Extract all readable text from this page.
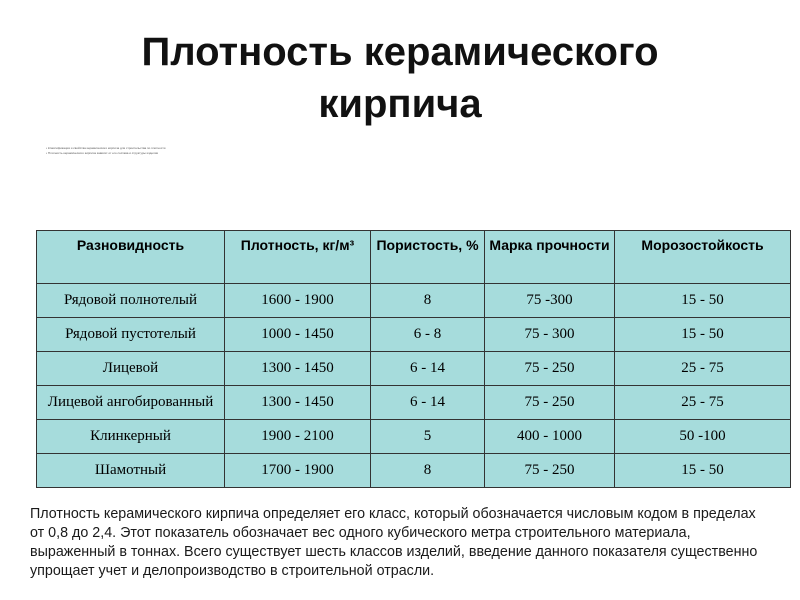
Плотность керамического
кирпича
• Классификация и свойства керамического кирпича для строительства по плотности
• Плотность керамического кирпича зависит от его состава и структуры изделия
Разновидность	Плотность, кг/м³	Пористость, %	Марка прочности	Морозостойкость

Рядовой полнотелый	1600 - 1900	8	75 -300	15 - 50
Рядовой пустотелый	1000 - 1450	6 - 8	75 - 300	15 - 50
Лицевой	1300 - 1450	6 - 14	75 - 250	25 - 75
Лицевой ангобированный	1300 - 1450	6 - 14	75 - 250	25 - 75
Клинкерный	1900 - 2100	5	400 - 1000	50 -100
Шамотный	1700 - 1900	8	75 - 250	15 - 50
Плотность керамического кирпича определяет его класс, который обозначается числовым кодом в пределах от 0,8 до 2,4. Этот показатель обозначает вес одного кубического метра строительного материала, выраженный в тоннах. Всего существует шесть классов изделий, введение данного показателя существенно упрощает учет и делопроизводство в строительной отрасли.
